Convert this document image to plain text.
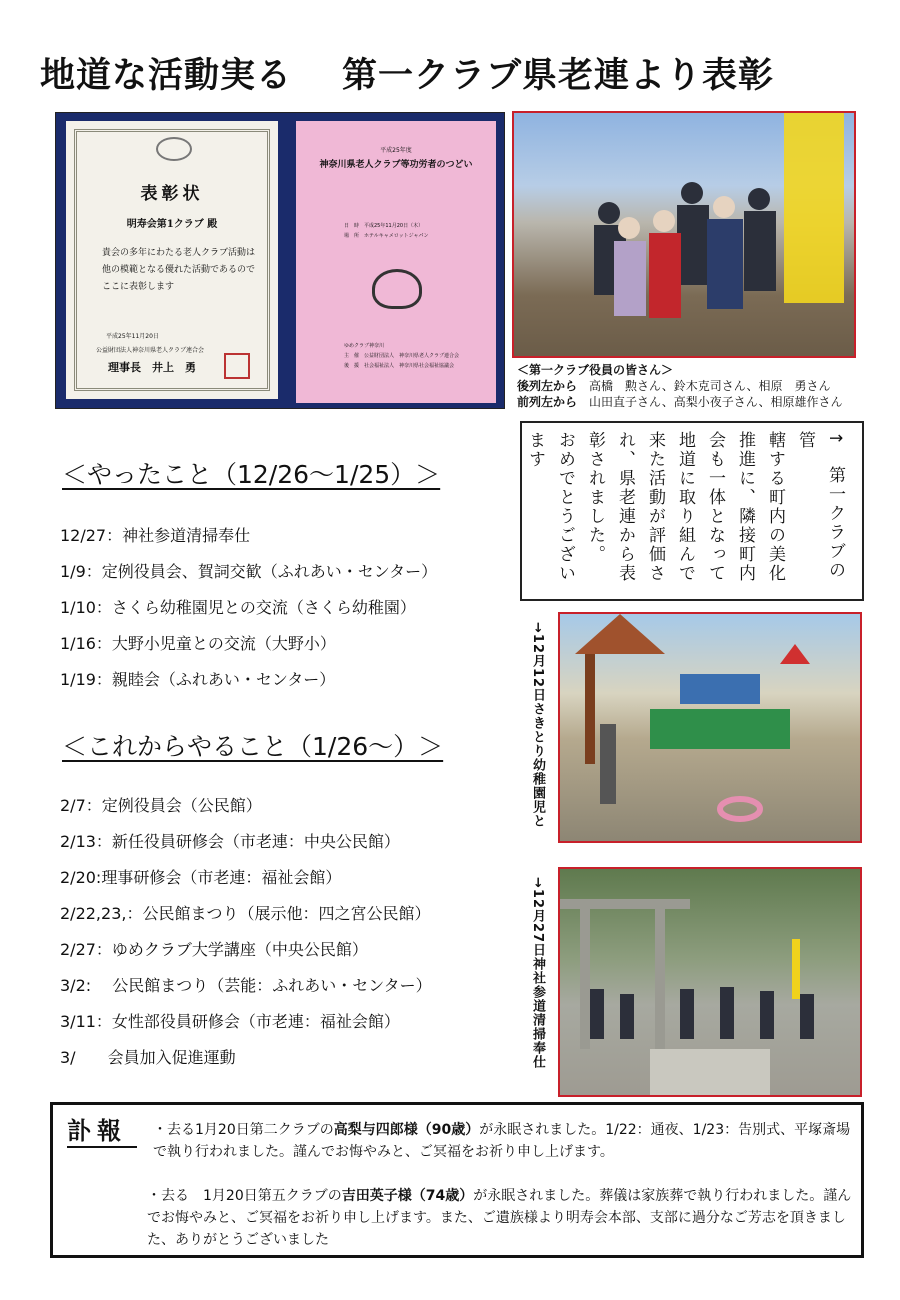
地道な活動実る 第一クラブ県老連より表彰
表彰状
明寿会第1クラブ 殿
貴会の多年にわたる老人クラブ活動は他の模範となる優れた活動であるのでここに表彰します
平成25年11月20日
公益財団法人神奈川県老人クラブ連合会
理事長　井上　勇
平成25年度
神奈川県老人クラブ等功労者のつどい
日　時　平成25年11月20日（木）
場　所　ホテルキャメロットジャパン
ゆめクラブ神奈川
主　催　公益財団法人　神奈川県老人クラブ連合会
後　援　社会福祉法人　神奈川県社会福祉協議会	＜第一クラブ役員の皆さん＞
後列左から　 高橋　勲さん、鈴木克司さん、相原　勇さん
前列左から　 山田直子さん、高梨小夜子さん、相原雄作さん
↑　第一クラブの管
轄する町内の美化
推進に、隣接町内
会も一体となって
地道に取り組んで
来た活動が評価さ
れ、県老連から表
彰されました。
おめでとうございます
→12月12日さきとり幼稚園児と
→12月27日神社参道清掃奉仕
＜やったこと（12/26～1/25）＞
12/27：神社参道清掃奉仕
1/9：定例役員会、賀詞交歓（ふれあい・センター）
1/10：さくら幼稚園児との交流（さくら幼稚園）
1/16：大野小児童との交流（大野小）
1/19：親睦会（ふれあい・センター）
＜これからやること（1/26～）＞
2/7：定例役員会（公民館）
2/13：新任役員研修会（市老連：中央公民館）
2/20:理事研修会（市老連：福祉会館）
2/22,23,：公民館まつり（展示他：四之宮公民館）
2/27：ゆめクラブ大学講座（中央公民館）
3/2:　 公民館まつり（芸能：ふれあい・センター）
3/11：女性部役員研修会（市老連：福祉会館）
3/　　会員加入促進運動
訃報	・去る1月20日第二クラブの高梨与四郎様（90歳）が永眠されました。1/22：通夜、1/23：告別式、平塚斎場で執り行われました。謹んでお悔やみと、ご冥福をお祈り申し上げます。
・去る　1月20日第五クラブの吉田英子様（74歳）が永眠されました。葬儀は家族葬で執り行われました。謹んでお悔やみと、ご冥福をお祈り申し上げます。また、ご遺族様より明寿会本部、支部に過分なご芳志を頂きました、ありがとうございました
